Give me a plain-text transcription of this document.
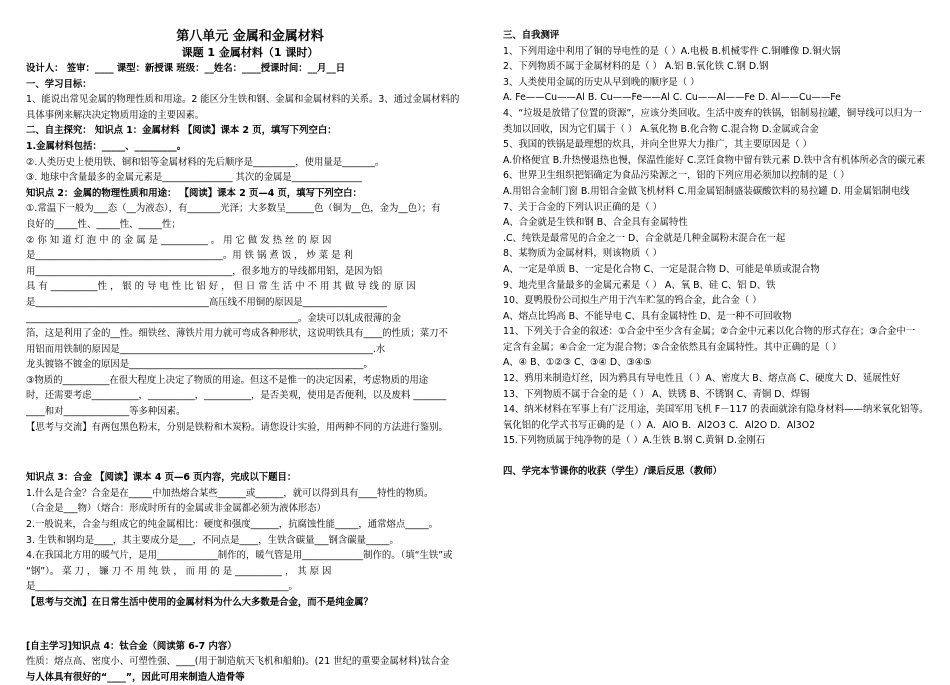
第八单元 金属和金属材料
课题 1 金属材料（1 课时）
设计人： 签审：____ 课型：新授课 班级：__姓名：____授课时间：__月__日
一、学习目标：
1、能说出常见金属的物理性质和用途。2 能区分生铁和钢、金属和金属材料的关系。3、通过金属材料的
具体事例来解决决定物质用途的主要因素。
二、自主探究： 知识点 1：金属材料 【阅读】课本 2 页，填写下列空白：
1.金属材料包括：_____、_________。
②.人类历史上使用铁、铜和铝等金属材料的先后顺序是_________，使用量是_______。
③. 地球中含量最多的金属元素是_______________ 其次的金属是_______________
知识点 2：金属的物理性质和用途： 【阅读】课本 2 页—4 页，填写下列空白：
①.常温下一般为___态（__为液态），有_______光泽；大多数呈______色（铜为__色，金为__色）；有
良好的_____性、_____性、_____性；
② 你 知 道 灯 泡 中 的 金 属 是 __________ 。 用 它 做 发 热 丝 的 原 因
是________________________________________。用 铁 锅 煮 饭 ， 炒 菜 是 利
用__________________________________________，很多地方的导线都用铝，是因为铝
具 有 __________性 ， 银 的 导 电 性 比 铝 好 ， 但 日 常 生 活 中 不 用 其 做 导 线 的 原 因
是_____________________________________高压线不用铜的原因是__________________
__________________________________________________________。金块可以轧成很薄的金
箔，这是利用了金的__性。细铁丝、薄铁片用力就可弯成各种形状，这说明铁具有____的性质；菜刀不
用铝而用铁制的原因是______________________________________________________.水
龙头镀铬不镀金的原因是__________________________________________________。
③物质的__________在很大程度上决定了物质的用途。但这不是惟一的决定因素，考虑物质的用途
时，还需要考虑__________，__________，__________，是否美观，使用是否便利，以及废料 _______
____和对______________等多种因素。
【思考与交流】有两包黑色粉末，分别是铁粉和木炭粉。请您设计实验，用两种不同的方法进行鉴别。
知识点 3：合金 【阅读】课本 4 页—6 页内容，完成以下题目：
1.什么是合金？合金是在_____中加热熔合某些______或______，就可以得到具有____特性的物质。
（合金是___物）（熔合：形成时所有的金属或非金属都必须为液体形态）
2.一般说来，合金与组成它的纯金属相比：硬度和强度______，抗腐蚀性能_____，通常熔点_____。
3. 生铁和钢均是____，其主要成分是___，不同点是____，生铁含碳量___钢含碳量_____。
4.在我国北方用的暖气片，是用_____________制作的，暖气管是用_____________制作的。（填“生铁”或
“钢”）。 菜 刀 ， 镰 刀 不 用 纯 铁 ， 而 用 的 是 __________ ， 其 原 因
是______________________________________________________。
【思考与交流】在日常生活中使用的金属材料为什么大多数是合金，而不是纯金属？
[自主学习]知识点 4：钛合金（阅读第 6-7 内容）
性质：熔点高、密度小、可塑性强、____(用于制造航天飞机和船舶)。(21 世纪的重要金属材料)钛合金
与人体具有很好的“____”，因此可用来制造人造骨等
三、自我测评
1、下列用途中利用了铜的导电性的是（ ）A.电极 B.机械零件 C.铜雕像 D.铜火锅
2、下列物质不属于金属材料的是（ ） A.铝 B.氧化铁 C.钢 D.钢
3、人类使用金属的历史从早到晚的顺序是（ ）
A. Fe——Cu——Al B. Cu——Fe——Al C. Cu——Al——Fe D. Al——Cu——Fe
4、“垃圾是放错了位置的资源”，应该分类回收。生活中废弃的铁锅，铝制易拉罐，铜导线可以归为一
类加以回收，因为它们属于（ ） A.氧化物 B.化合物 C.混合物 D.金属或合金
5、我国的铁锅是最理想的炊具，并向全世界大力推广，其主要原因是（ ）
A.价格便宜 B.升热慢退热也慢，保温性能好 C.烹饪食物中留有铁元素 D.铁中含有机体所必含的碳元素
6、世界卫生组织把铝确定为食品污染源之一，铝的下列应用必须加以控制的是（ ）
A.用铝合金制门窗 B.用铝合金做飞机材料 C.用金属铝制盛装碳酸饮料的易拉罐 D. 用金属铝制电线
7、关于合金的下列认识正确的是（ ）
A、合金就是生铁和钢 B、合金具有金属特性
.C、纯铁是最常见的合金之一 D、合金就是几种金属粉末混合在一起
8、某物质为金属材料，则该物质（ ）
A、一定是单质 B、一定是化合物 C、一定是混合物 D、可能是单质或混合物
9、地壳里含量最多的金属元素是（ ） A、氧 B、硅 C、铝 D、铁
10、夏鸭股份公司拟生产用于汽车贮氢的钨合金，此合金（ ）
A、熔点比钨高 B、不能导电 C、具有金属特性 D、是一种不可回收物
11、下列关于合金的叙述：①合金中至少含有金属；②合金中元素以化合物的形式存在；③合金中一
定含有金属；④合金一定为混合物；⑤合金依然具有金属特性。其中正确的是（ ）
A、④ B、①②③ C、③④ D、③④⑤
12、鸦用来制造灯丝，因为鸦具有导电性且（ ）A、密度大 B、熔点高 C、硬度大 D、延展性好
13、下列物质不属于合金的是（ ） A、铁锈 B、不锈钢 C、青铜 D、焊锡
14、纳米材料在军事上有广泛用途，美国军用飞机 F－117 的表面就涂有隐身材料——纳米氧化铝等。
氧化铝的化学式书写正确的是（ ）A．AlO B．Al2O3 C．Al2O D．Al3O2
15.下列物质属于纯净物的是（ ）A.生铁 B.钢 C.黄铜 D.金刚石
四、学完本节课你的收获（学生）/课后反思（教师）
